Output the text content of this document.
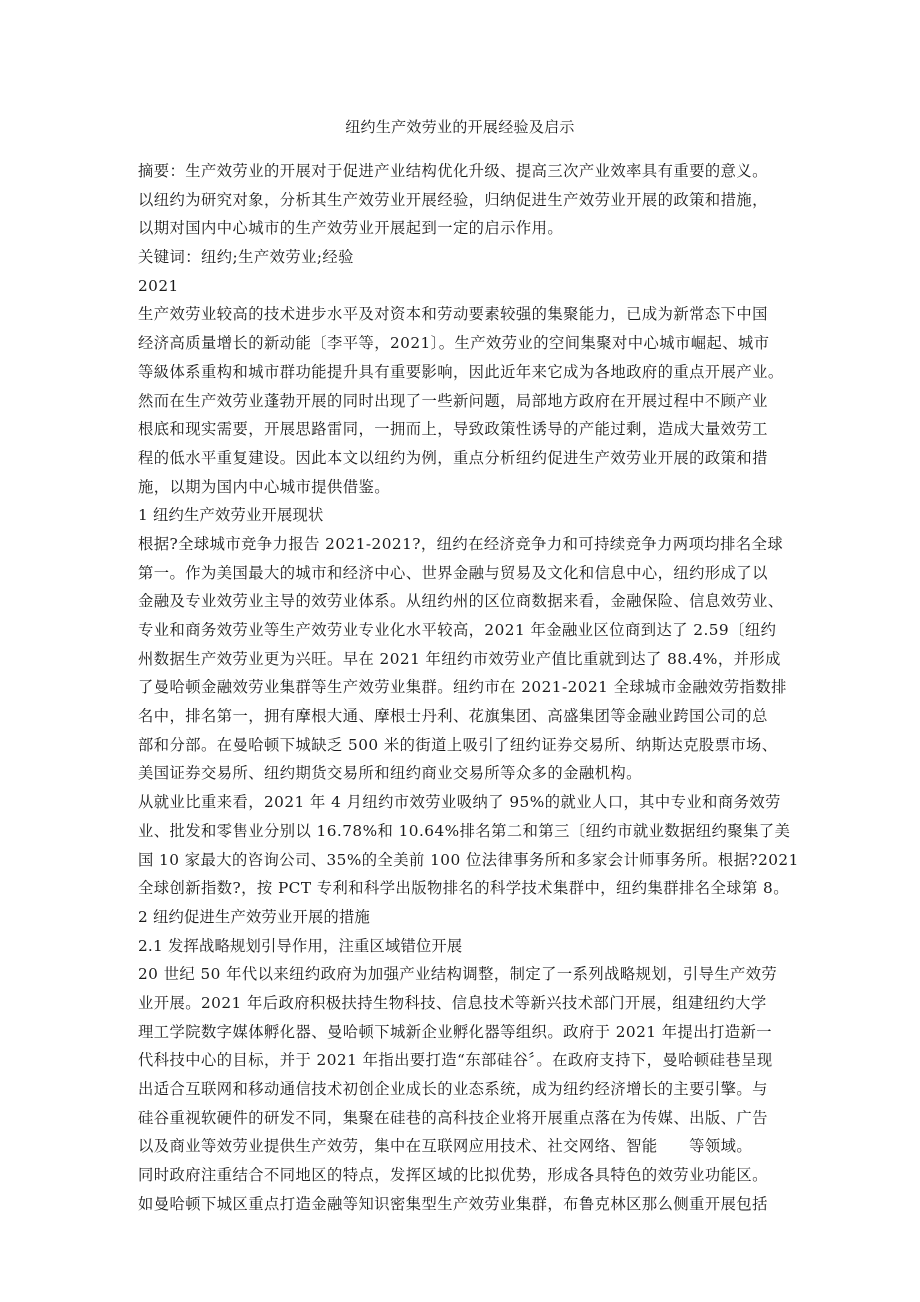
纽约生产效劳业的开展经验及启示
摘要：生产效劳业的开展对于促进产业结构优化升级、提高三次产业效率具有重要的意义。
以纽约为研究对象，分析其生产效劳业开展经验，归纳促进生产效劳业开展的政策和措施，
以期对国内中心城市的生产效劳业开展起到一定的启示作用。
关键词：纽约;生产效劳业;经验
2021
生产效劳业较高的技术进步水平及对资本和劳动要素较强的集聚能力，已成为新常态下中国
经济高质量增长的新动能〔李平等，2021〕。生产效劳业的空间集聚对中心城市崛起、城市
等級体系重构和城市群功能提升具有重要影响，因此近年来它成为各地政府的重点开展产业。
然而在生产效劳业蓬勃开展的同时出现了一些新问题，局部地方政府在开展过程中不顾产业
根底和现实需要，开展思路雷同，一拥而上，导致政策性诱导的产能过剩，造成大量效劳工
程的低水平重复建设。因此本文以纽约为例，重点分析纽约促进生产效劳业开展的政策和措
施，以期为国内中心城市提供借鉴。
1 纽约生产效劳业开展现状
根据?全球城市竞争力报告 2021-2021?，纽约在经济竞争力和可持续竞争力两项均排名全球
第一。作为美国最大的城市和经济中心、世界金融与贸易及文化和信息中心，纽约形成了以
金融及专业效劳业主导的效劳业体系。从纽约州的区位商数据来看，金融保险、信息效劳业、
专业和商务效劳业等生产效劳业专业化水平较高，2021 年金融业区位商到达了 2.59〔纽约
州数据生产效劳业更为兴旺。早在 2021 年纽约市效劳业产值比重就到达了 88.4%，并形成
了曼哈顿金融效劳业集群等生产效劳业集群。纽约市在 2021-2021 全球城市金融效劳指数排
名中，排名第一，拥有摩根大通、摩根士丹利、花旗集团、高盛集团等金融业跨国公司的总
部和分部。在曼哈顿下城缺乏 500 米的街道上吸引了纽约证券交易所、纳斯达克股票市场、
美国证券交易所、纽约期货交易所和纽约商业交易所等众多的金融机构。
从就业比重来看，2021 年 4 月纽约市效劳业吸纳了 95%的就业人口，其中专业和商务效劳
业、批发和零售业分别以 16.78%和 10.64%排名第二和第三〔纽约市就业数据纽约聚集了美
国 10 家最大的咨询公司、35%的全美前 100 位法律事务所和多家会计师事务所。根据?2021
全球创新指数?，按 PCT 专利和科学出版物排名的科学技术集群中，纽约集群排名全球第 8。
2 纽约促进生产效劳业开展的措施
2.1 发挥战略规划引导作用，注重区域错位开展
20 世纪 50 年代以来纽约政府为加强产业结构调整，制定了一系列战略规划，引导生产效劳
业开展。2021 年后政府积极扶持生物科技、信息技术等新兴技术部门开展，组建纽约大学
理工学院数字媒体孵化器、曼哈顿下城新企业孵化器等组织。政府于 2021 年提出打造新一
代科技中心的目标，并于 2021 年指出要打造“东部硅谷〞。在政府支持下，曼哈顿硅巷呈现
出适合互联网和移动通信技术初创企业成长的业态系统，成为纽约经济增长的主要引擎。与
硅谷重视软硬件的研发不同，集聚在硅巷的高科技企业将开展重点落在为传媒、出版、广告
以及商业等效劳业提供生产效劳，集中在互联网应用技术、社交网络、智能　　等领域。
同时政府注重结合不同地区的特点，发挥区域的比拟优势，形成各具特色的效劳业功能区。
如曼哈顿下城区重点打造金融等知识密集型生产效劳业集群，布鲁克林区那么侧重开展包括
